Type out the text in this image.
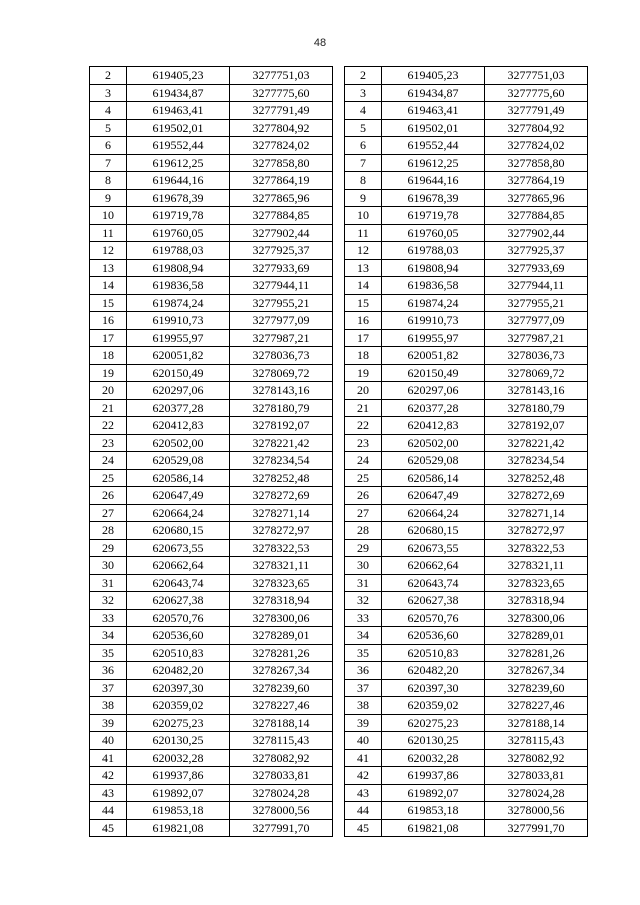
48
2	619405,23	3277751,03
3	619434,87	3277775,60
4	619463,41	3277791,49
5	619502,01	3277804,92
6	619552,44	3277824,02
7	619612,25	3277858,80
8	619644,16	3277864,19
9	619678,39	3277865,96
10	619719,78	3277884,85
11	619760,05	3277902,44
12	619788,03	3277925,37
13	619808,94	3277933,69
14	619836,58	3277944,11
15	619874,24	3277955,21
16	619910,73	3277977,09
17	619955,97	3277987,21
18	620051,82	3278036,73
19	620150,49	3278069,72
20	620297,06	3278143,16
21	620377,28	3278180,79
22	620412,83	3278192,07
23	620502,00	3278221,42
24	620529,08	3278234,54
25	620586,14	3278252,48
26	620647,49	3278272,69
27	620664,24	3278271,14
28	620680,15	3278272,97
29	620673,55	3278322,53
30	620662,64	3278321,11
31	620643,74	3278323,65
32	620627,38	3278318,94
33	620570,76	3278300,06
34	620536,60	3278289,01
35	620510,83	3278281,26
36	620482,20	3278267,34
37	620397,30	3278239,60
38	620359,02	3278227,46
39	620275,23	3278188,14
40	620130,25	3278115,43
41	620032,28	3278082,92
42	619937,86	3278033,81
43	619892,07	3278024,28
44	619853,18	3278000,56
45	619821,08	3277991,70
2	619405,23	3277751,03
3	619434,87	3277775,60
4	619463,41	3277791,49
5	619502,01	3277804,92
6	619552,44	3277824,02
7	619612,25	3277858,80
8	619644,16	3277864,19
9	619678,39	3277865,96
10	619719,78	3277884,85
11	619760,05	3277902,44
12	619788,03	3277925,37
13	619808,94	3277933,69
14	619836,58	3277944,11
15	619874,24	3277955,21
16	619910,73	3277977,09
17	619955,97	3277987,21
18	620051,82	3278036,73
19	620150,49	3278069,72
20	620297,06	3278143,16
21	620377,28	3278180,79
22	620412,83	3278192,07
23	620502,00	3278221,42
24	620529,08	3278234,54
25	620586,14	3278252,48
26	620647,49	3278272,69
27	620664,24	3278271,14
28	620680,15	3278272,97
29	620673,55	3278322,53
30	620662,64	3278321,11
31	620643,74	3278323,65
32	620627,38	3278318,94
33	620570,76	3278300,06
34	620536,60	3278289,01
35	620510,83	3278281,26
36	620482,20	3278267,34
37	620397,30	3278239,60
38	620359,02	3278227,46
39	620275,23	3278188,14
40	620130,25	3278115,43
41	620032,28	3278082,92
42	619937,86	3278033,81
43	619892,07	3278024,28
44	619853,18	3278000,56
45	619821,08	3277991,70
